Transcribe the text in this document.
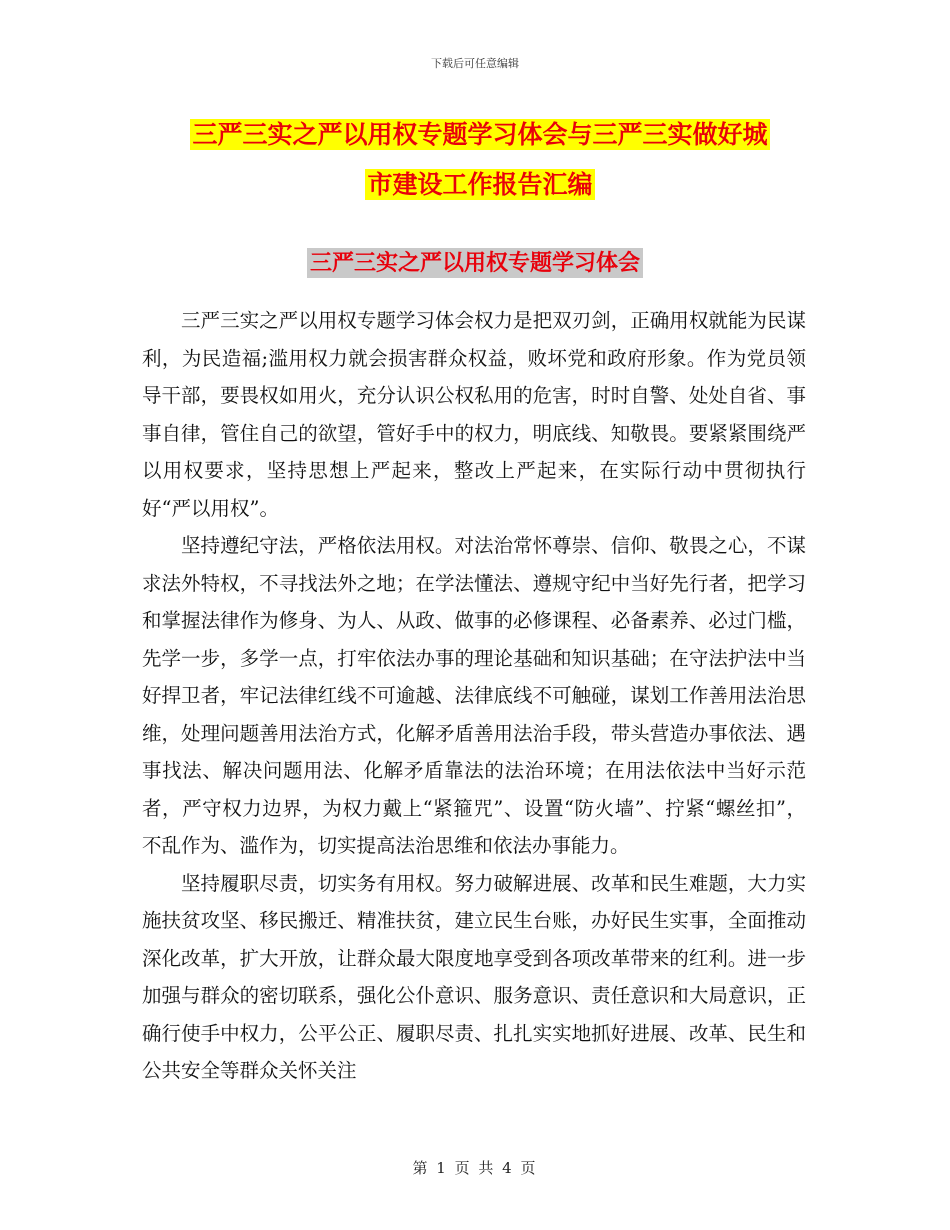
下载后可任意编辑
三严三实之严以用权专题学习体会与三严三实做好城
市建设工作报告汇编
三严三实之严以用权专题学习体会

三严三实之严以用权专题学习体会权力是把双刃剑，正确用权就能为民谋利，为民造福;滥用权力就会损害群众权益，败坏党和政府形象。作为党员领导干部，要畏权如用火，充分认识公权私用的危害，时时自警、处处自省、事事自律，管住自己的欲望，管好手中的权力，明底线、知敬畏。要紧紧围绕严以用权要求，坚持思想上严起来，整改上严起来，在实际行动中贯彻执行好“严以用权”。

坚持遵纪守法，严格依法用权。对法治常怀尊崇、信仰、敬畏之心，不谋求法外特权，不寻找法外之地；在学法懂法、遵规守纪中当好先行者，把学习和掌握法律作为修身、为人、从政、做事的必修课程、必备素养、必过门槛，先学一步，多学一点，打牢依法办事的理论基础和知识基础；在守法护法中当好捍卫者，牢记法律红线不可逾越、法律底线不可触碰，谋划工作善用法治思维，处理问题善用法治方式，化解矛盾善用法治手段，带头营造办事依法、遇事找法、解决问题用法、化解矛盾靠法的法治环境；在用法依法中当好示范者，严守权力边界，为权力戴上“紧箍咒”、设置“防火墙”、拧紧“螺丝扣”，不乱作为、滥作为，切实提高法治思维和依法办事能力。

坚持履职尽责，切实务有用权。努力破解进展、改革和民生难题，大力实施扶贫攻坚、移民搬迁、精准扶贫，建立民生台账，办好民生实事，全面推动深化改革，扩大开放，让群众最大限度地享受到各项改革带来的红利。进一步加强与群众的密切联系，强化公仆意识、服务意识、责任意识和大局意识，正确行使手中权力，公平公正、履职尽责、扎扎实实地抓好进展、改革、民生和公共安全等群众关怀关注

第 1 页 共 4 页
